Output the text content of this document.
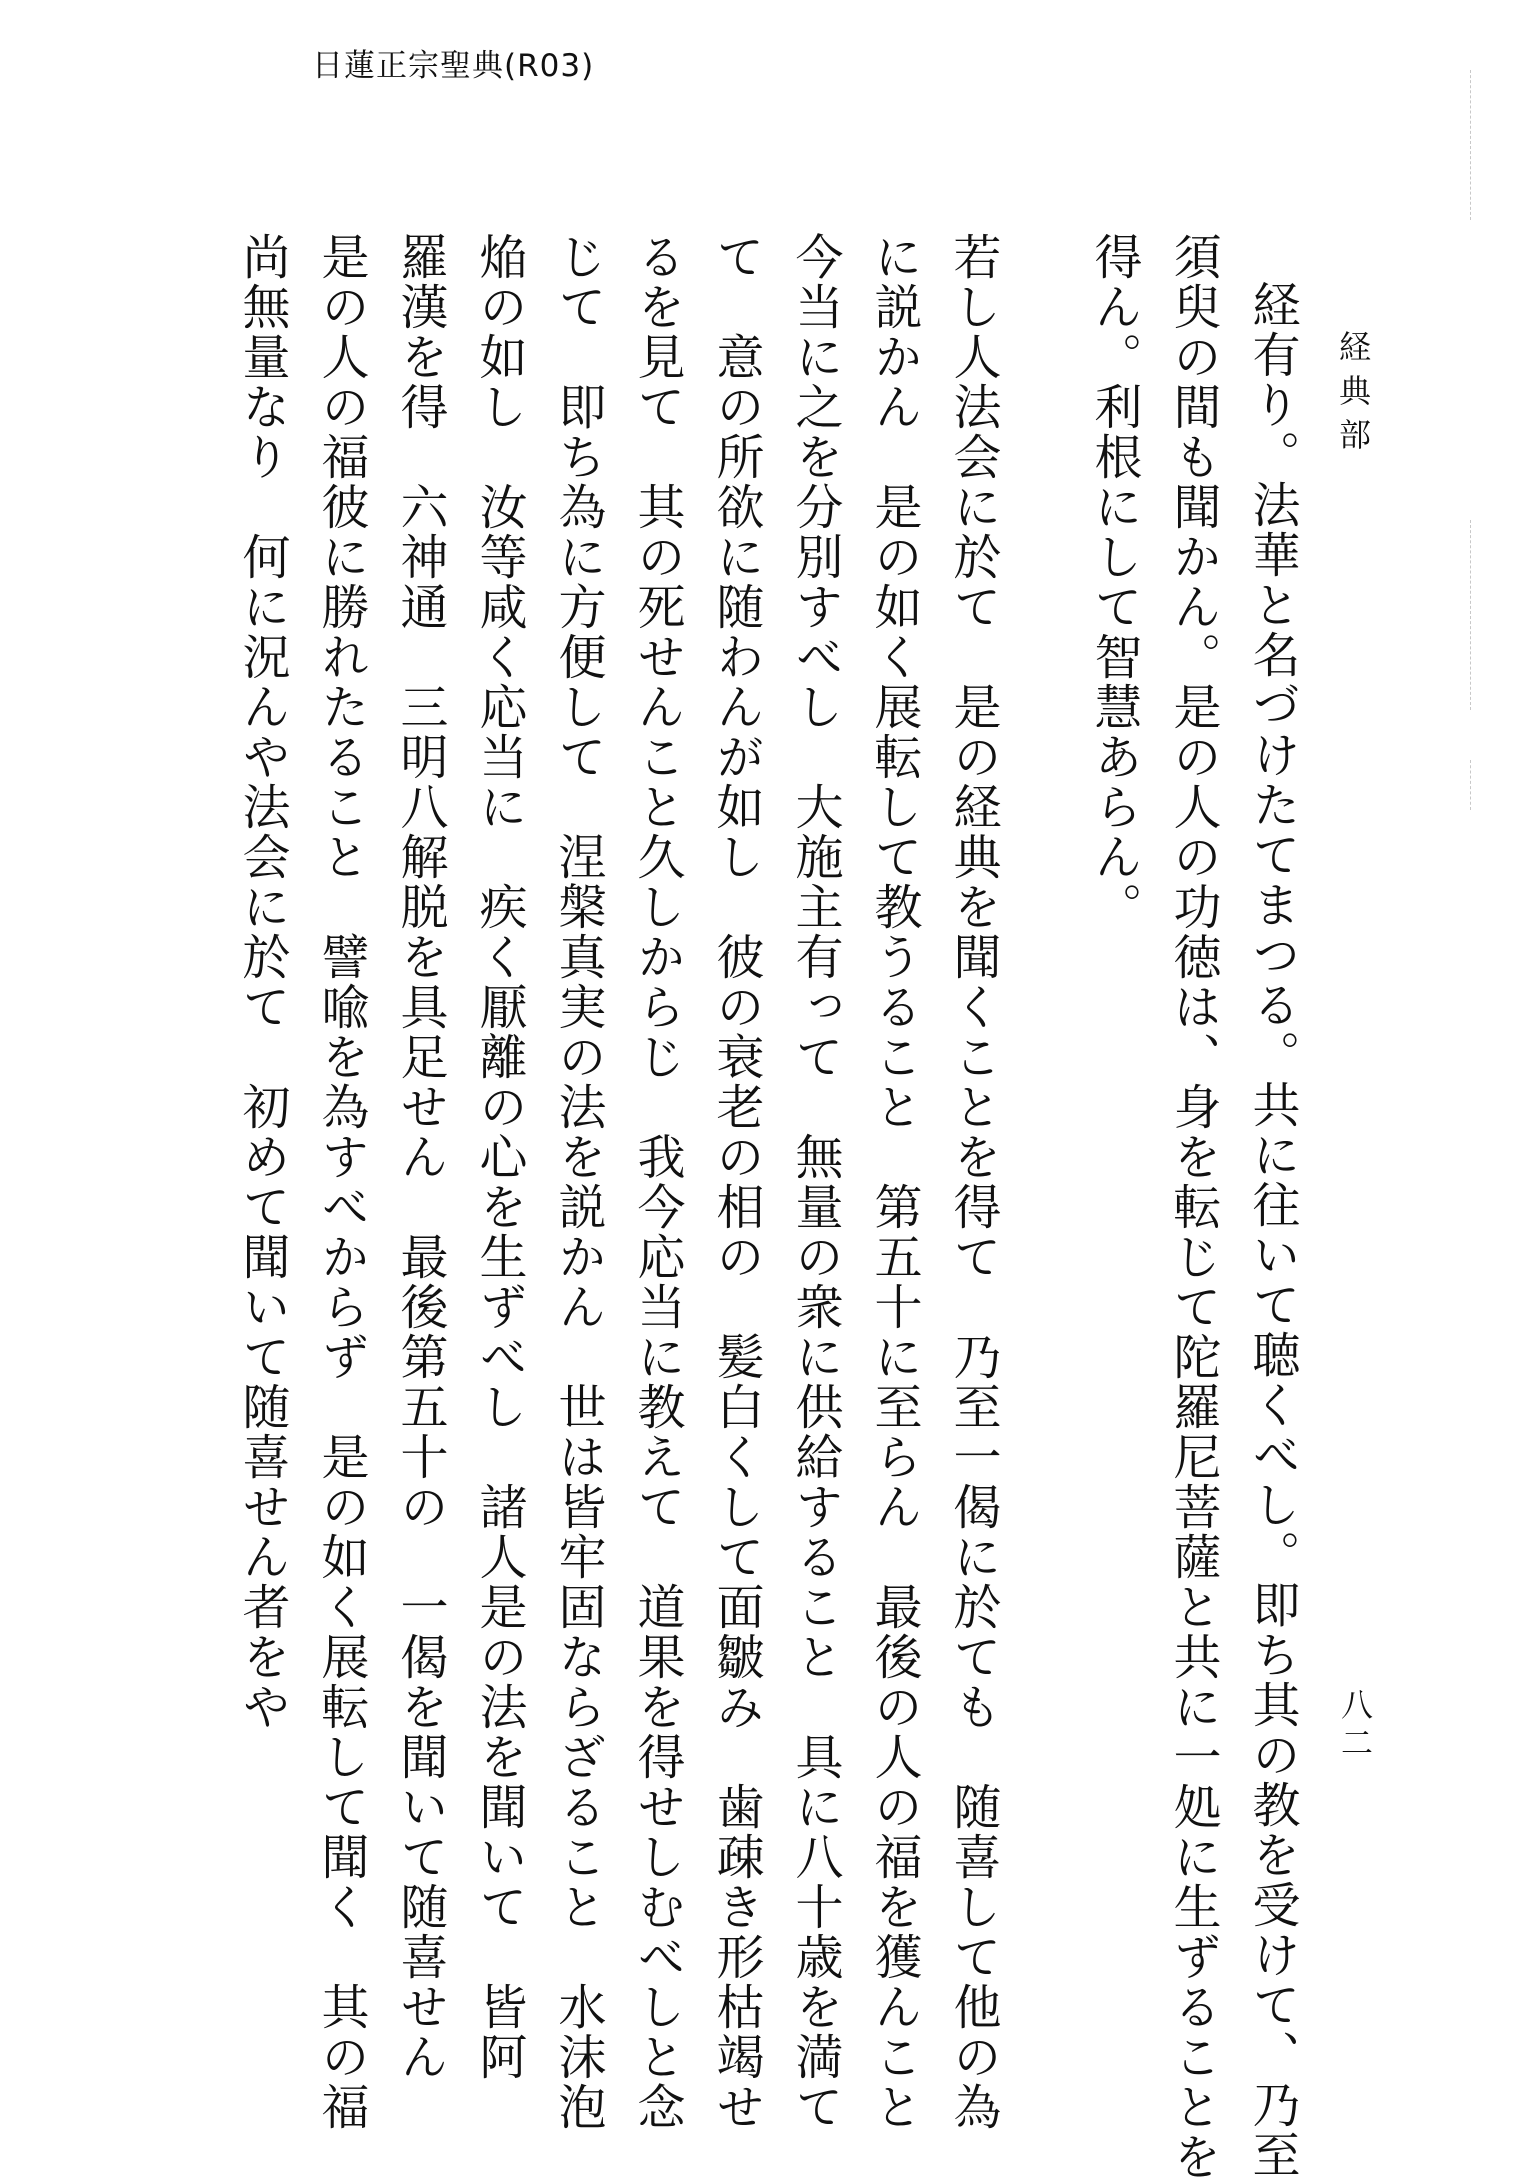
日蓮正宗聖典(R03)
経典部
八二
経有り。法華と名づけたてまつる。共に往いて聴くべし。即ち其の教を受けて、乃至
須臾の間も聞かん。是の人の功徳は、身を転じて陀羅尼菩薩と共に一処に生ずることを
得ん。利根にして智慧あらん。
若し人法会に於て　是の経典を聞くことを得て　乃至一偈に於ても　随喜して他の為
に説かん　是の如く展転して教うること　第五十に至らん　最後の人の福を獲んこと
今当に之を分別すべし　大施主有って　無量の衆に供給すること　具に八十歳を満て
て　意の所欲に随わんが如し　彼の衰老の相の　髪白くして面皺み　歯疎き形枯竭せ
るを見て　其の死せんこと久しからじ　我今応当に教えて　道果を得せしむべしと念
じて　即ち為に方便して　涅槃真実の法を説かん　世は皆牢固ならざること　水沫泡
焔の如し　汝等咸く応当に　疾く厭離の心を生ずべし　諸人是の法を聞いて　皆阿
羅漢を得　六神通　三明八解脱を具足せん　最後第五十の　一偈を聞いて随喜せん
是の人の福彼に勝れたること　譬喩を為すべからず　是の如く展転して聞く　其の福
尚無量なり　何に況んや法会に於て　初めて聞いて随喜せん者をや
